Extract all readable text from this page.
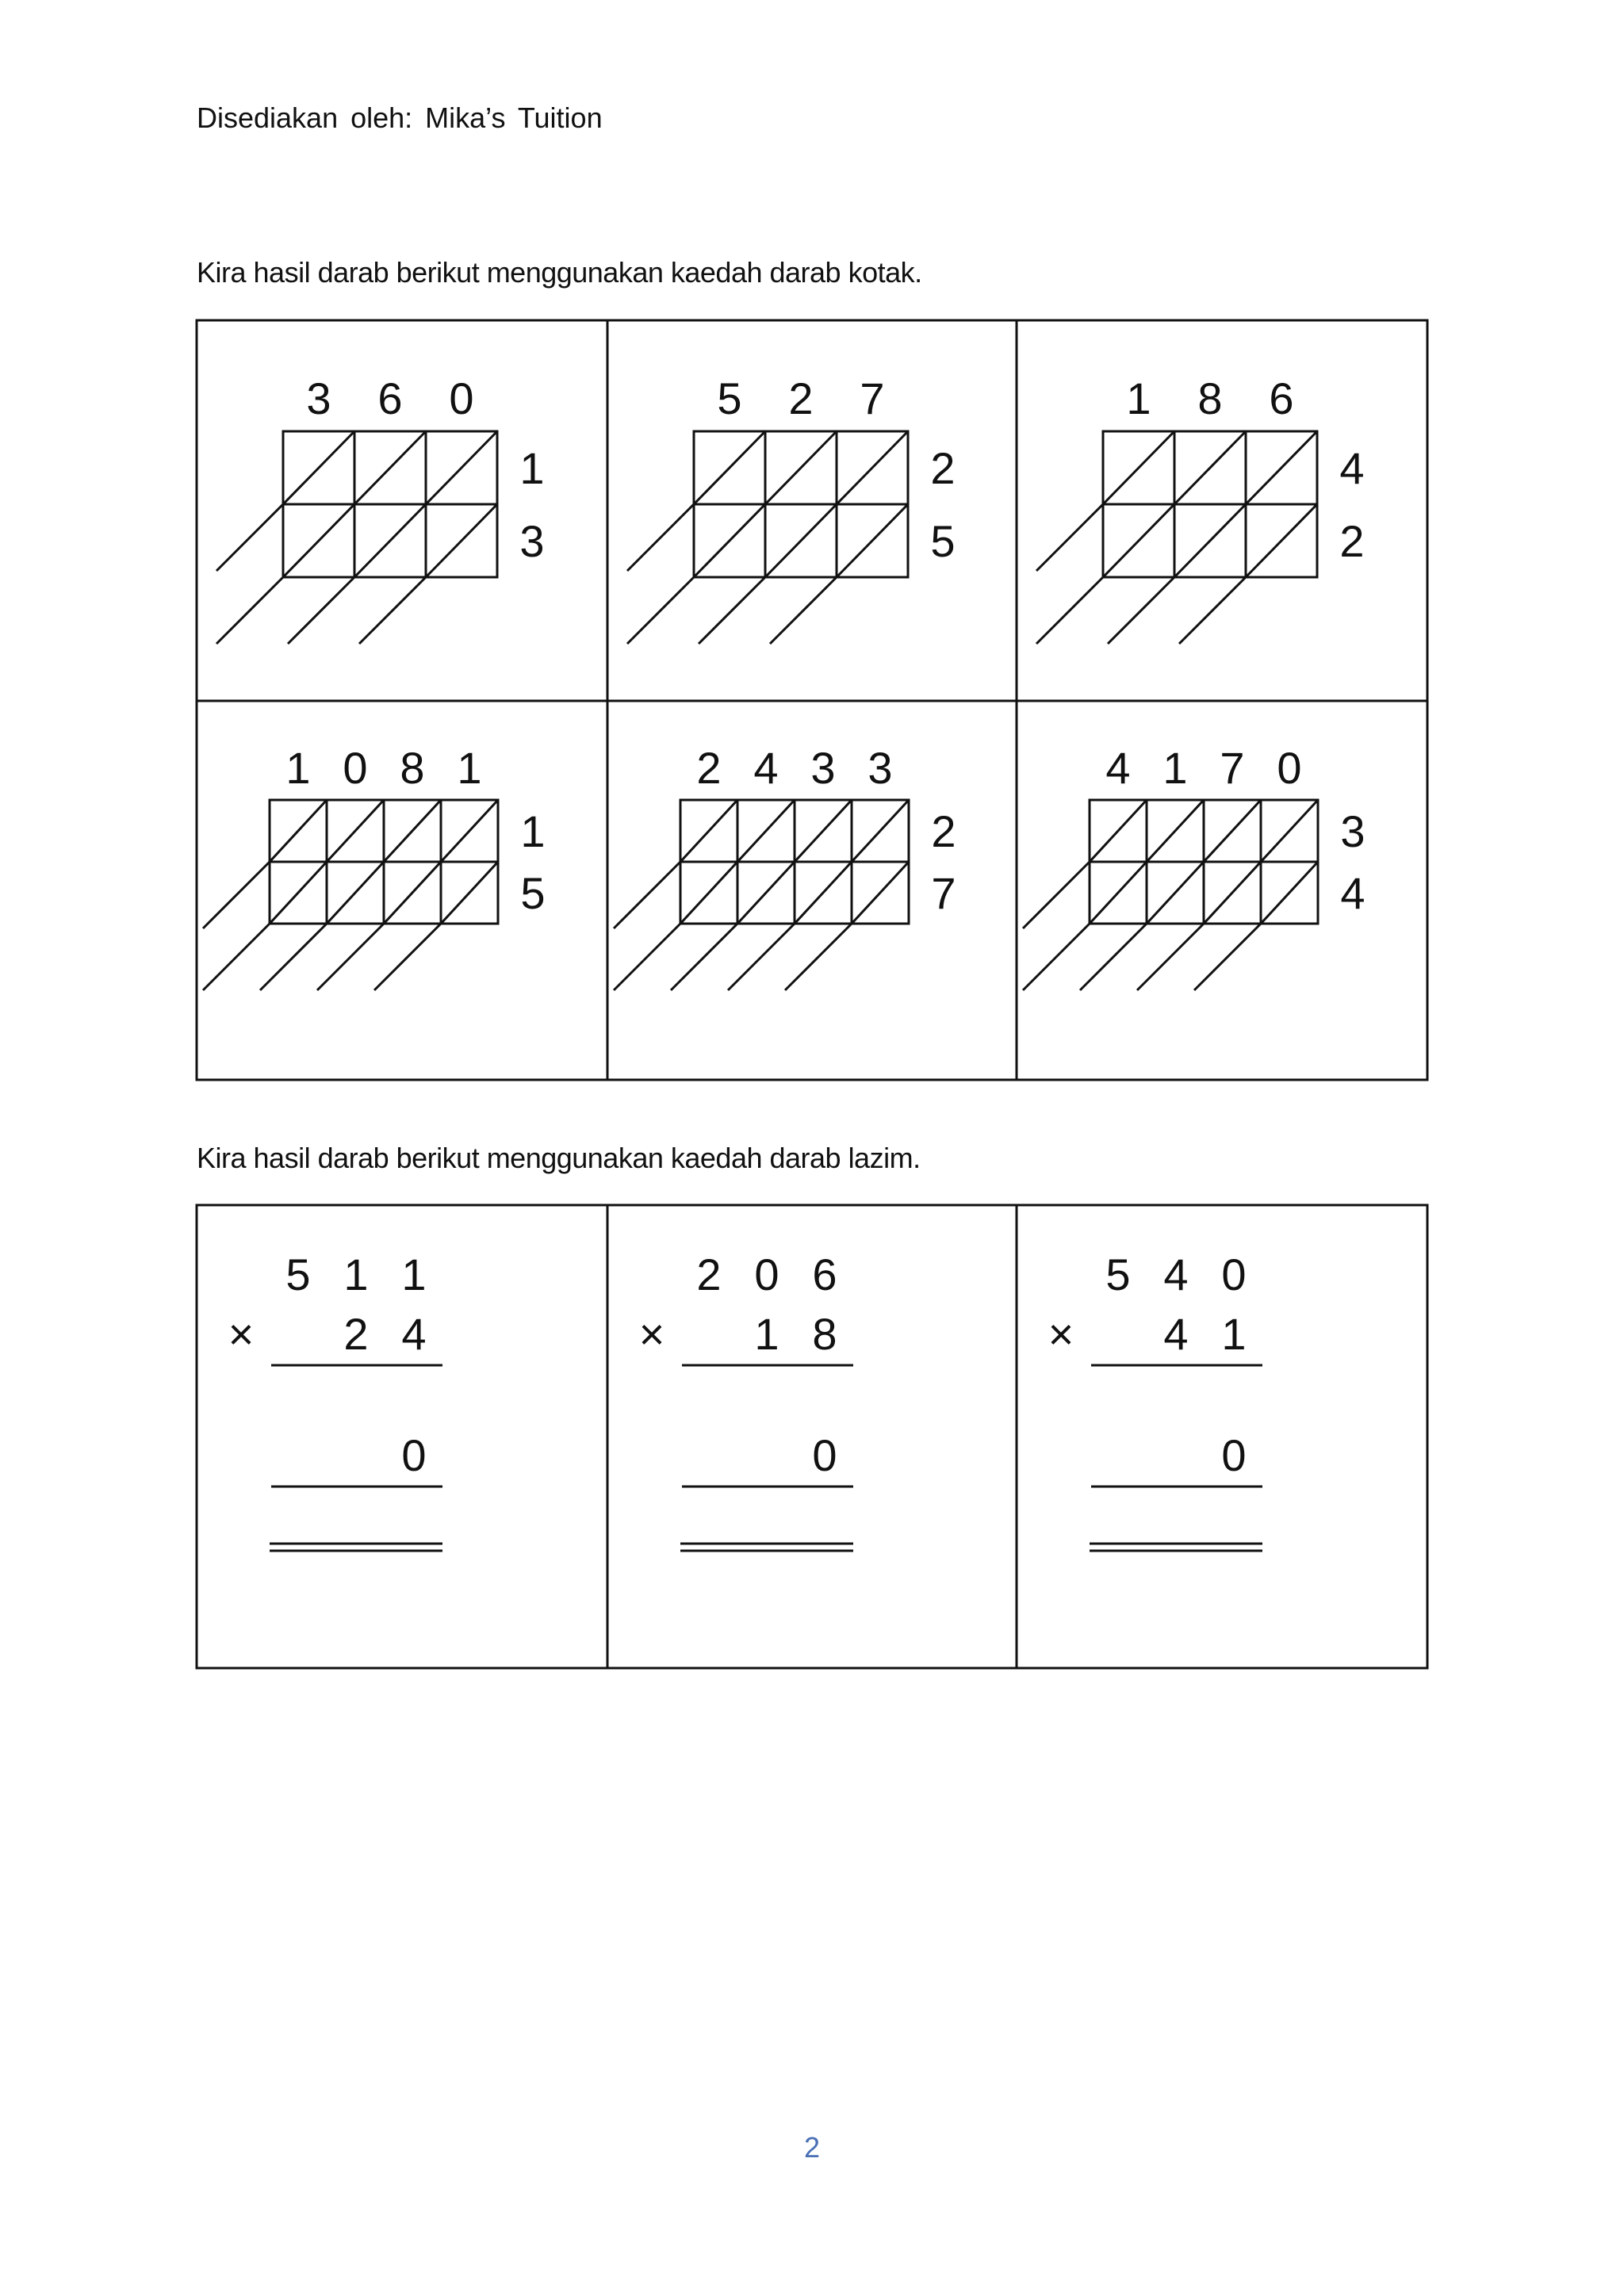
Disediakan oleh: Mika’s Tuition
Kira hasil darab berikut menggunakan kaedah darab kotak.
Kira hasil darab berikut menggunakan kaedah darab lazim.
3 6 0
1
3
5 2 7
2
5
1 8 6
4
2
1 0 8 1
1
5
2 4 3 3
2
7
4 1 7 0
3
4
5 1 1
× 2 4
0
2 0 6
× 1 8
0
5 4 0
× 4 1
0
2
